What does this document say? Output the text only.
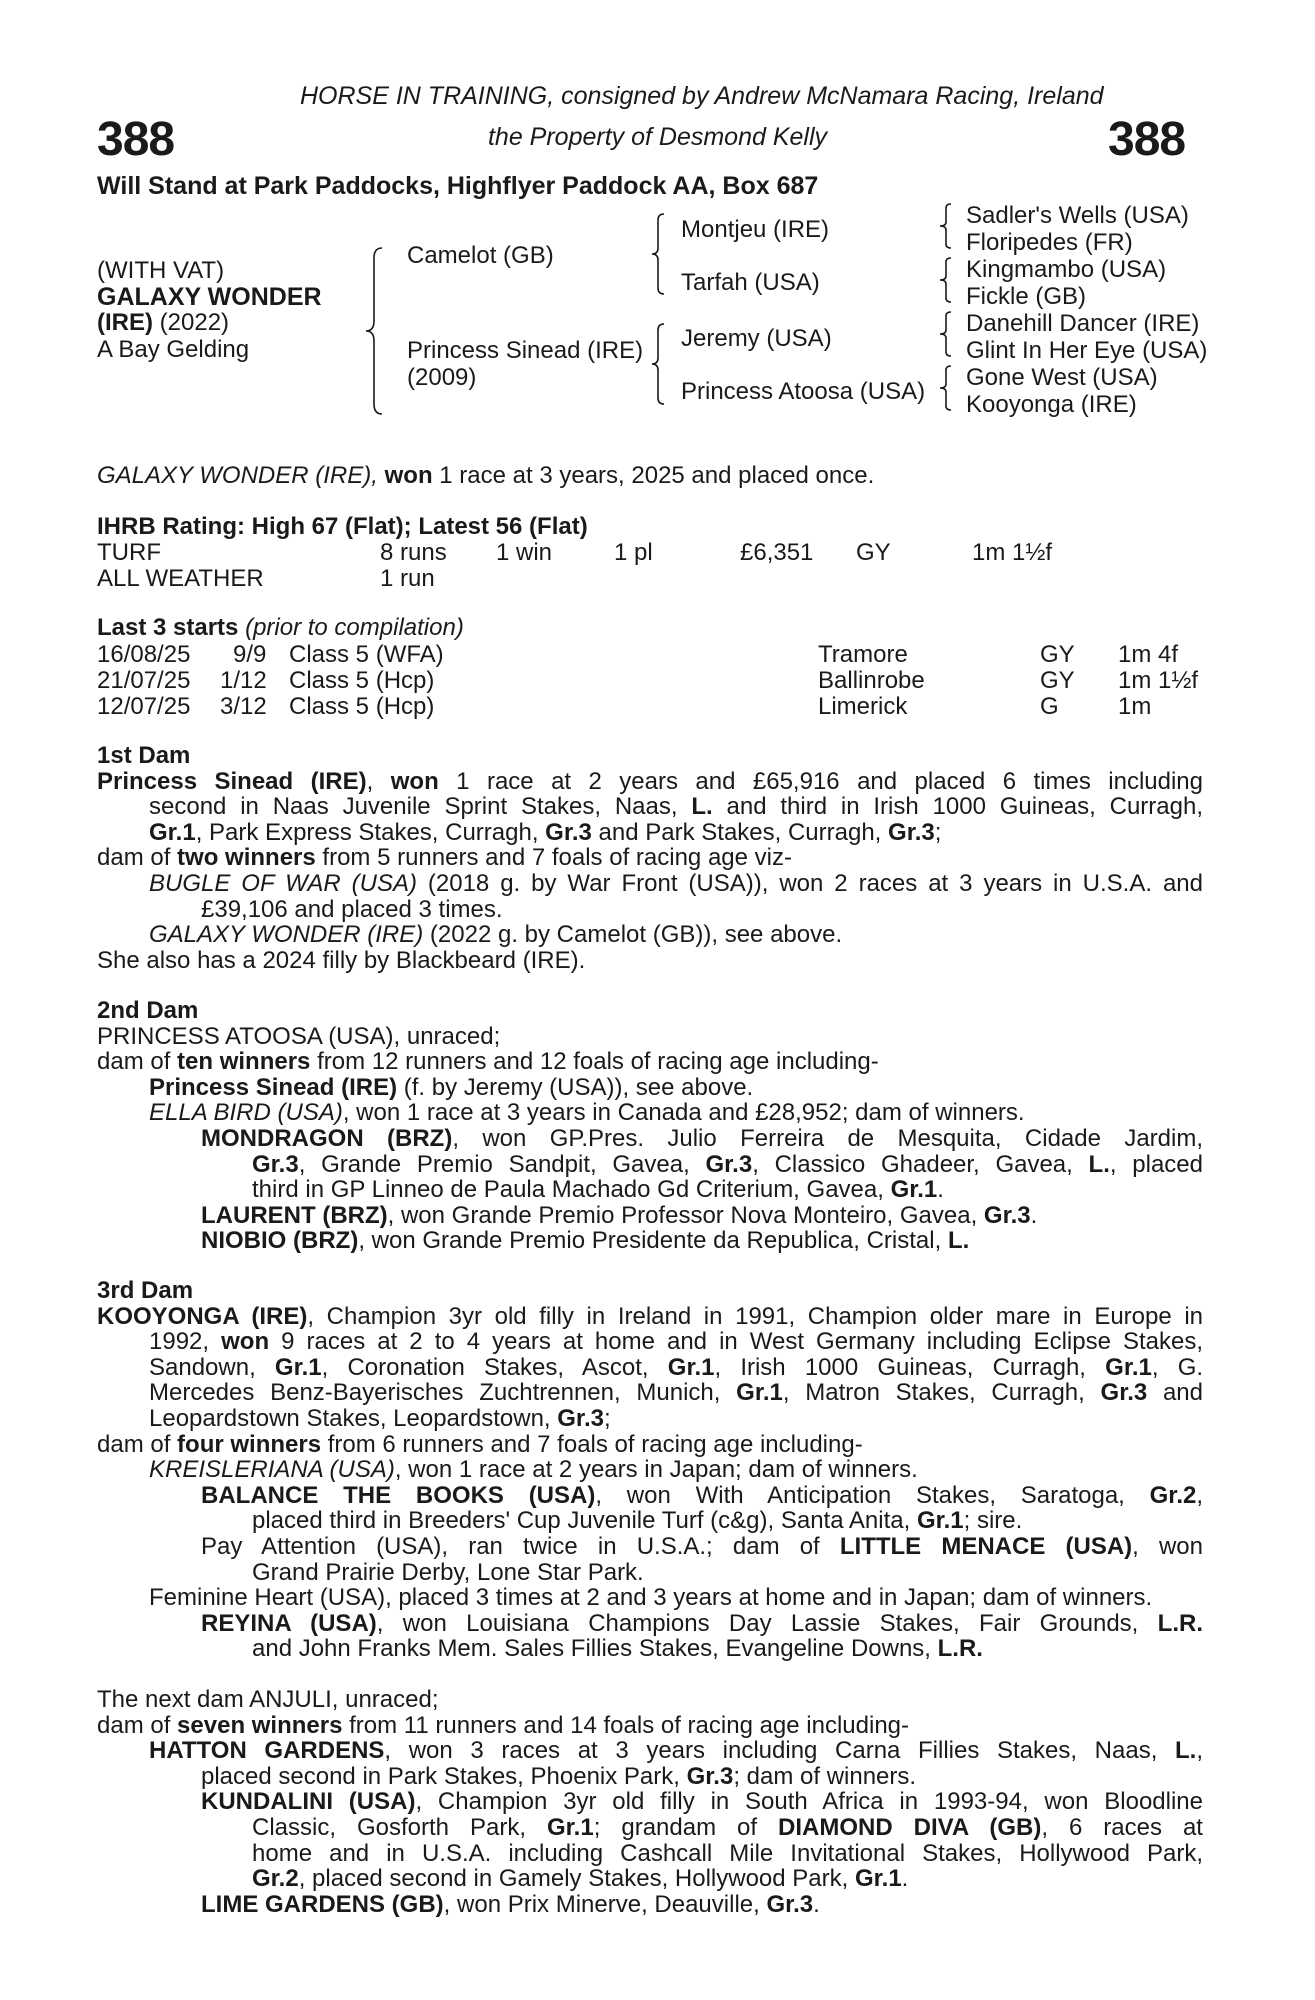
388	388
HORSE IN TRAINING, consigned by Andrew McNamara Racing, Ireland
the Property of Desmond Kelly
Will Stand at Park Paddocks, Highflyer Paddock AA, Box 687
(WITH VAT)
GALAXY WONDER
(IRE) (2022)
A Bay Gelding
Camelot (GB)
Princess Sinead (IRE)
(2009)
Montjeu (IRE)
Tarfah (USA)
Jeremy (USA)
Princess Atoosa (USA)
Sadler's Wells (USA)
Floripedes (FR)
Kingmambo (USA)
Fickle (GB)
Danehill Dancer (IRE)
Glint In Her Eye (USA)
Gone West (USA)
Kooyonga (IRE)
GALAXY WONDER (IRE), won 1 race at 3 years, 2025 and placed once.
IHRB Rating: High 67 (Flat); Latest 56 (Flat)
TURF	8 runs 1 win	1 pl	£6,351 GY	1m 1½f
ALL WEATHER	1 run
Last 3 starts (prior to compilation)
16/08/25 9/9 Class 5 (WFA)	Tramore	GY 1m 4f
21/07/25 1/12 Class 5 (Hcp)	Ballinrobe	GY 1m 1½f
12/07/25 3/12 Class 5 (Hcp)	Limerick	G 1m
1st Dam
Princess Sinead (IRE), won 1 race at 2 years and £65,916 and placed 6 times including
second in Naas Juvenile Sprint Stakes, Naas, L. and third in Irish 1000 Guineas, Curragh,
Gr.1, Park Express Stakes, Curragh, Gr.3 and Park Stakes, Curragh, Gr.3;
dam of two winners from 5 runners and 7 foals of racing age viz-
BUGLE OF WAR (USA) (2018 g. by War Front (USA)), won 2 races at 3 years in U.S.A. and
£39,106 and placed 3 times.
GALAXY WONDER (IRE) (2022 g. by Camelot (GB)), see above.
She also has a 2024 filly by Blackbeard (IRE).
2nd Dam
PRINCESS ATOOSA (USA), unraced;
dam of ten winners from 12 runners and 12 foals of racing age including-
Princess Sinead (IRE) (f. by Jeremy (USA)), see above.
ELLA BIRD (USA), won 1 race at 3 years in Canada and £28,952; dam of winners.
MONDRAGON (BRZ), won GP.Pres. Julio Ferreira de Mesquita, Cidade Jardim,
Gr.3, Grande Premio Sandpit, Gavea, Gr.3, Classico Ghadeer, Gavea, L., placed
third in GP Linneo de Paula Machado Gd Criterium, Gavea, Gr.1.
LAURENT (BRZ), won Grande Premio Professor Nova Monteiro, Gavea, Gr.3.
NIOBIO (BRZ), won Grande Premio Presidente da Republica, Cristal, L.
3rd Dam
KOOYONGA (IRE), Champion 3yr old filly in Ireland in 1991, Champion older mare in Europe in
1992, won 9 races at 2 to 4 years at home and in West Germany including Eclipse Stakes,
Sandown, Gr.1, Coronation Stakes, Ascot, Gr.1, Irish 1000 Guineas, Curragh, Gr.1, G.
Mercedes Benz-Bayerisches Zuchtrennen, Munich, Gr.1, Matron Stakes, Curragh, Gr.3 and
Leopardstown Stakes, Leopardstown, Gr.3;
dam of four winners from 6 runners and 7 foals of racing age including-
KREISLERIANA (USA), won 1 race at 2 years in Japan; dam of winners.
BALANCE THE BOOKS (USA), won With Anticipation Stakes, Saratoga, Gr.2,
placed third in Breeders' Cup Juvenile Turf (c&g), Santa Anita, Gr.1; sire.
Pay Attention (USA), ran twice in U.S.A.; dam of LITTLE MENACE (USA), won
Grand Prairie Derby, Lone Star Park.
Feminine Heart (USA), placed 3 times at 2 and 3 years at home and in Japan; dam of winners.
REYINA (USA), won Louisiana Champions Day Lassie Stakes, Fair Grounds, L.R.
and John Franks Mem. Sales Fillies Stakes, Evangeline Downs, L.R.
The next dam ANJULI, unraced;
dam of seven winners from 11 runners and 14 foals of racing age including-
HATTON GARDENS, won 3 races at 3 years including Carna Fillies Stakes, Naas, L.,
placed second in Park Stakes, Phoenix Park, Gr.3; dam of winners.
KUNDALINI (USA), Champion 3yr old filly in South Africa in 1993-94, won Bloodline
Classic, Gosforth Park, Gr.1; grandam of DIAMOND DIVA (GB), 6 races at
home and in U.S.A. including Cashcall Mile Invitational Stakes, Hollywood Park,
Gr.2, placed second in Gamely Stakes, Hollywood Park, Gr.1.
LIME GARDENS (GB), won Prix Minerve, Deauville, Gr.3.
